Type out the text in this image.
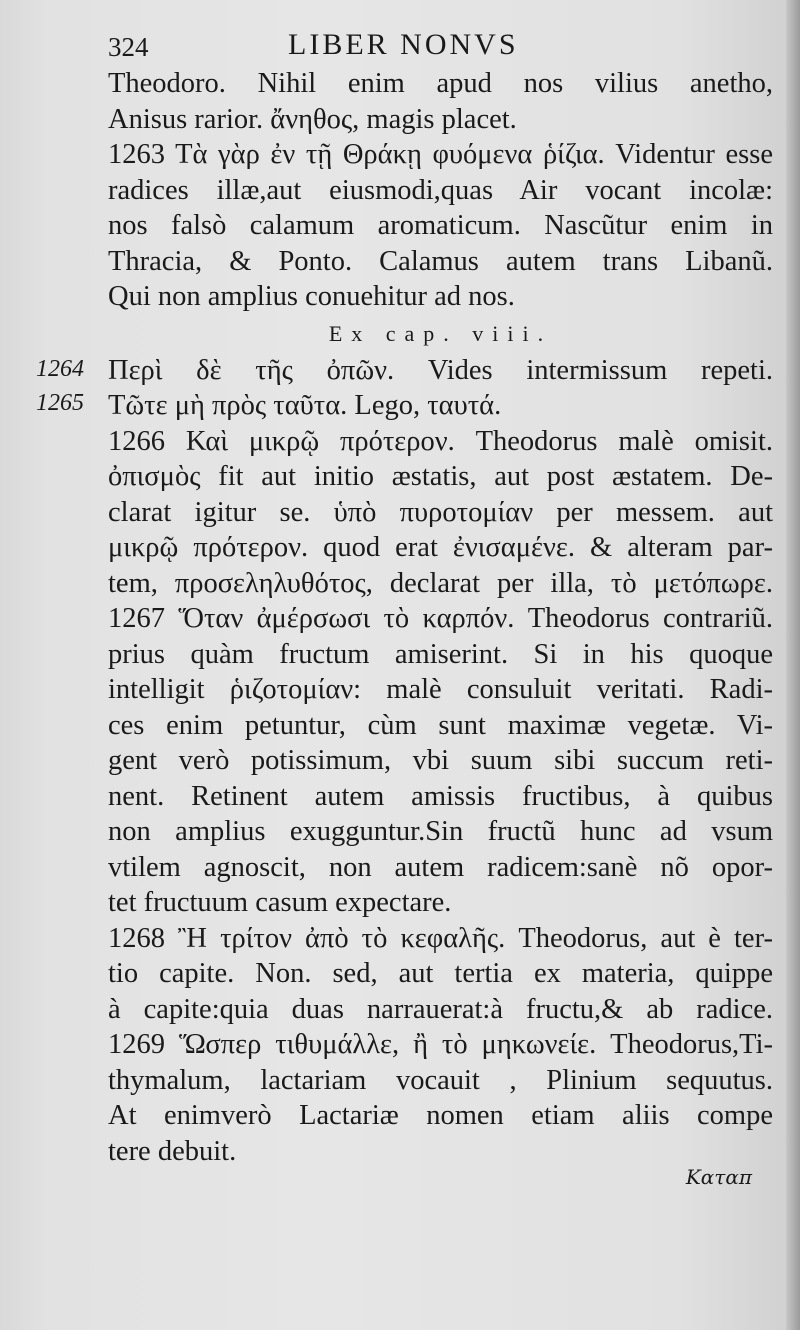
1264
1265
324	LIBER NONVS
Theodoro. Nihil enim apud nos vilius anetho,
Anisus rarior. ἄνηθος, magis placet.
1263 Τὰ γὰρ ἐν τῇ Θράκῃ φυόμενα ῥίζια. Videntur esse
radices illæ,aut eiusmodi,quas Air vocant incolæ:
nos falsò calamum aromaticum. Nascũtur enim in
Thracia, & Ponto. Calamus autem trans Libanũ.
Qui non amplius conuehitur ad nos.
Ex cap. viii.
Περὶ δὲ τῆς ὀπῶν. Vides intermissum repeti.
Τῶτε μὴ πρὸς ταῦτα. Lego, ταυτά.
1266 Καὶ μικρῷ πρότερον. Theodorus malè omisit.
ὀπισμὸς fit aut initio æstatis, aut post æstatem. De-
clarat igitur se. ὑπὸ πυροτομίαν per messem. aut
μικρῷ πρότερον. quod erat ἐνισαμένε. & alteram par-
tem, προσεληλυθότος, declarat per illa, τὸ μετόπωρε.
1267 Ὅταν ἀμέρσωσι τὸ καρπόν. Theodorus contrariũ.
prius quàm fructum amiserint. Si in his quoque
intelligit ῥιζοτομίαν: malè consuluit veritati. Radi-
ces enim petuntur, cùm sunt maximæ vegetæ. Vi-
gent verò potissimum, vbi suum sibi succum reti-
nent. Retinent autem amissis fructibus, à quibus
non amplius exugguntur.Sin fructũ hunc ad vsum
vtilem agnoscit, non autem radicem:sanè nõ opor-
tet fructuum casum expectare.
1268 Ἢ τρίτον ἀπὸ τὸ κεφαλῆς. Theodorus, aut è ter-
tio capite. Non. sed, aut tertia ex materia, quippe
à capite:quia duas narrauerat:à fructu,& ab radice.
1269 Ὥσπερ τιθυμάλλε, ἢ τὸ μηκωνείε. Theodorus,Ti-
thymalum, lactariam vocauit , Plinium sequutus.
At enimverò Lactariæ nomen etiam aliis compe
tere debuit.
Καταπ
